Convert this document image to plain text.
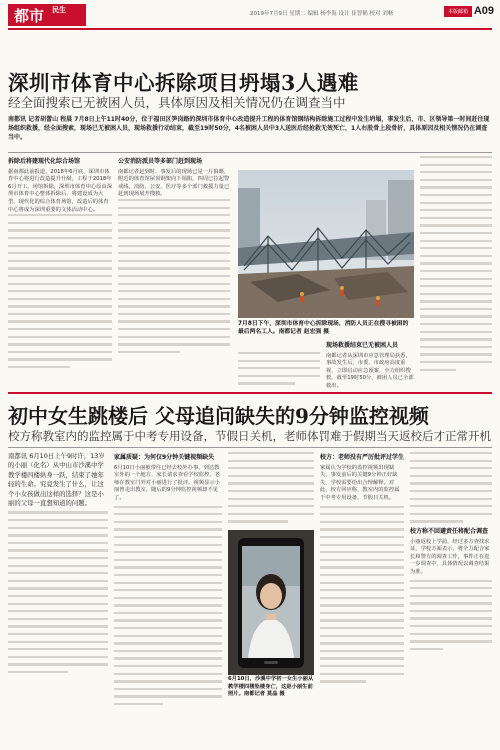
都市 民生	2019年7月9日 星期二 编辑 杨李海 设计 崔智鹤 校对 刘畅	本版邮箱 A09
深圳市体育中心拆除项目坍塌3人遇难
经全面搜索已无被困人员，具体原因及相关情况仍在调查当中
南都讯 记者胡蕾山 程晨 7月8日上午11时40分，位于福田区笋岗路的深圳市体育中心改造提升工程的体育馆钢结构拆除施工过程中发生坍塌，事发生后，市、区领导第一时间赶往现场组织救援，经全面搜索，现场已无被困人员，现场救援行动结束，截至19时50分，4名被困人员中3人送医后经抢救无效死亡，1人右股骨上段骨折，具体原因及相关情况仍在调查当中。
拆除后将建现代化综合场馆
据南都此前报道，2018年6月底，深圳市体育中心将进行改造提升升级，工程于2018年6月开工，场馆拆除，深圳市体育中心原由深圳市体育中心整体拆除后，将建设成为大型、现代化的综合体育场馆，改造后的体育中心将成为深圳重要的文体活动中心。
公安消防派员等多部门赶到现场
南都记者赶到时，事发后的现场已是一片狼藉，附近的体育馆屋顶钢架向下塌陷，四周已拉起警戒线，消防、公安、医疗等多个部门救援力量已赶到现场展开搜救。
7月8日下午，深圳市体育中心拆除现场，消防人员正在搜寻被困的最后两名工人。南都记者 赵宏强 摄
现场救援结束已无被困人员
南都记者从深圳市应急管理局获悉，事故发生后，市委、市政府高度重视，立即启动应急预案，全力组织搜救，截至19时50分，被困人员已全部救出。
初中女生跳楼后 父母追问缺失的9分钟监控视频
校方称教室内的监控属于中考专用设备，节假日关机，老师体罚难于假期当天返校后才正常开机
南都讯 6月10日上午9时许，13岁的小丽（化名）从中山市沙溪中学教学楼四楼纵身一跃，结束了她年轻的生命。究竟发生了什么，让这个小女孩做出这样的选择？这是小丽的父母一直想知道的问题。
家属质疑：为何仅9分钟关键视频缺失
6月10日小丽被带往已经去校外办事，到达教室外的一个地方，家长请求查看学校监控，老师在教室门外对小丽进行了批评。视频显示小丽曾走出教室，随后的9分钟监控视频却不见了。
6月10日，沙溪中学初一女生小丽从教学楼四楼坠楼身亡，这是小丽生前照片。南都记者 莫晶 摄
校方：老师没有严厉批评过学生
家属认为学校的监控视频出现缺失，事发前后的关键9分钟正好缺失，学校需要给出合理解释。对此，校方回应称，教室内的监控属于中考专用设备，节假日关机。
校方称不回避责任将配合调查
小丽返校上学前，经过多方查找求证，学校方面表示，将全力配合家长和警方的调查工作，事件正在进一步调查中，具体情况以调查结果为准。
